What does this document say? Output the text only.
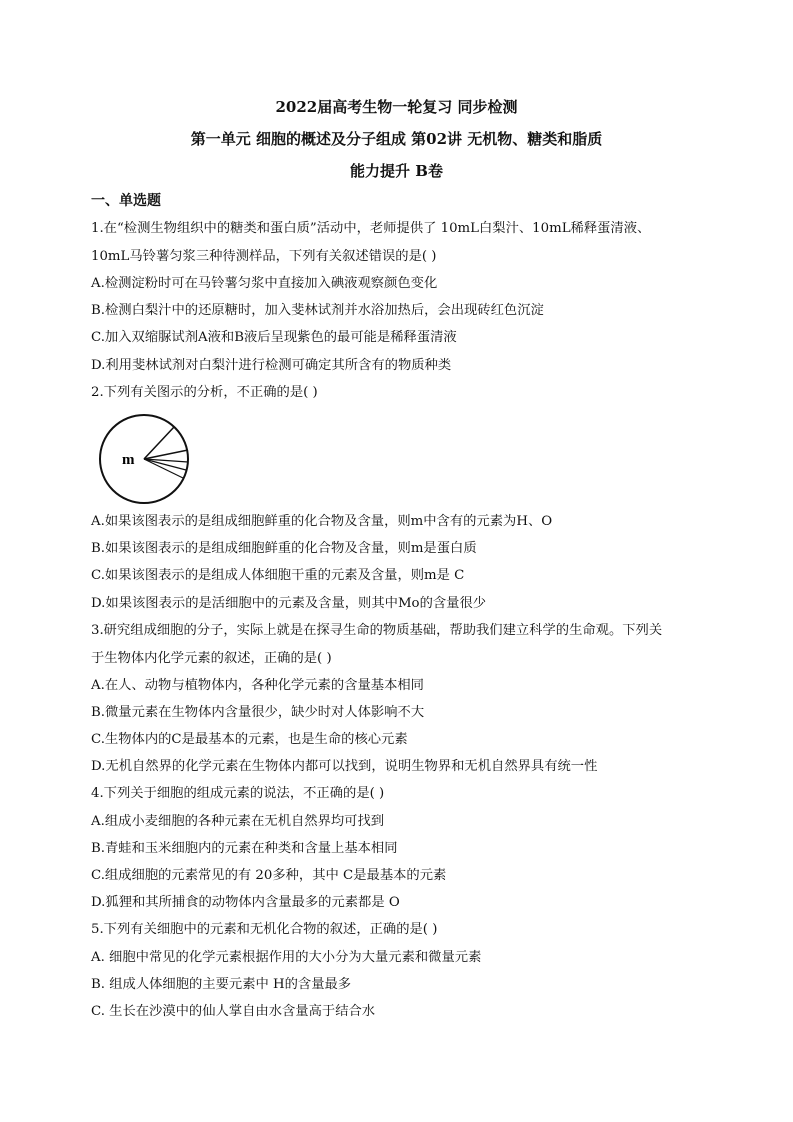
2022届高考生物一轮复习 同步检测
第一单元 细胞的概述及分子组成 第02讲 无机物、糖类和脂质
能力提升 B卷
一、单选题
1.在“检测生物组织中的糖类和蛋白质”活动中，老师提供了 10mL白梨汁、10mL稀释蛋清液、
10mL马铃薯匀浆三种待测样品，下列有关叙述错误的是( )
A.检测淀粉时可在马铃薯匀浆中直接加入碘液观察颜色变化
B.检测白梨汁中的还原糖时，加入斐林试剂并水浴加热后，会出现砖红色沉淀
C.加入双缩脲试剂A液和B液后呈现紫色的最可能是稀释蛋清液
D.利用斐林试剂对白梨汁进行检测可确定其所含有的物质种类
2.下列有关图示的分析，不正确的是( )
m
A.如果该图表示的是组成细胞鲜重的化合物及含量，则m中含有的元素为H、O
B.如果该图表示的是组成细胞鲜重的化合物及含量，则m是蛋白质
C.如果该图表示的是组成人体细胞干重的元素及含量，则m是 C
D.如果该图表示的是活细胞中的元素及含量，则其中Mo的含量很少
3.研究组成细胞的分子，实际上就是在探寻生命的物质基础，帮助我们建立科学的生命观。下列关
于生物体内化学元素的叙述，正确的是( )
A.在人、动物与植物体内，各种化学元素的含量基本相同
B.微量元素在生物体内含量很少，缺少时对人体影响不大
C.生物体内的C是最基本的元素，也是生命的核心元素
D.无机自然界的化学元素在生物体内都可以找到，说明生物界和无机自然界具有统一性
4.下列关于细胞的组成元素的说法，不正确的是( )
A.组成小麦细胞的各种元素在无机自然界均可找到
B.青蛙和玉米细胞内的元素在种类和含量上基本相同
C.组成细胞的元素常见的有 20多种，其中 C是最基本的元素
D.狐狸和其所捕食的动物体内含量最多的元素都是 O
5.下列有关细胞中的元素和无机化合物的叙述，正确的是( )
A. 细胞中常见的化学元素根据作用的大小分为大量元素和微量元素
B. 组成人体细胞的主要元素中 H的含量最多
C. 生长在沙漠中的仙人掌自由水含量高于结合水
